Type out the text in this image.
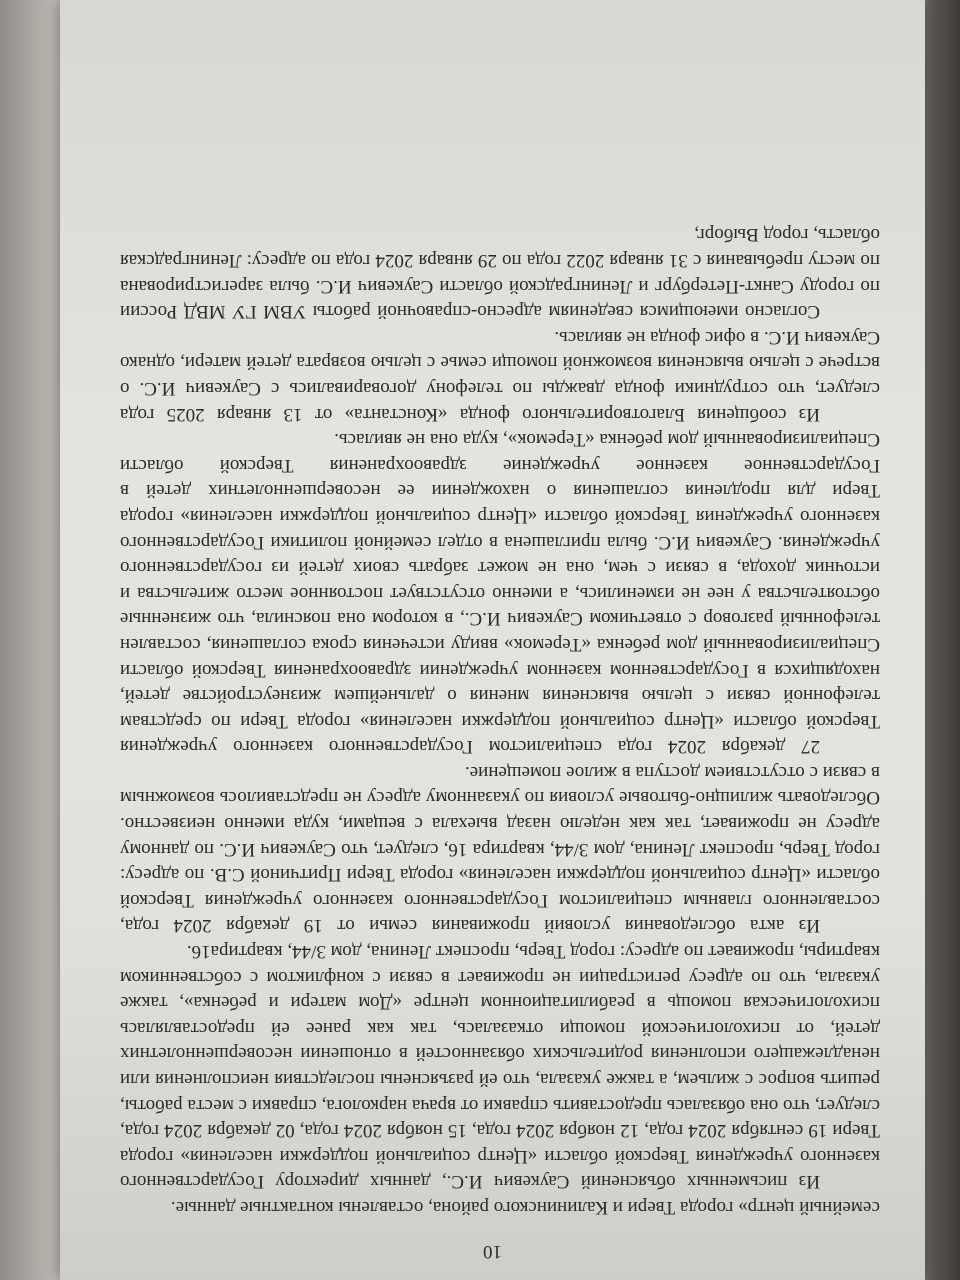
10

семейный центр» города Твери и Калининского района, оставлены контактные данные.

Из письменных объяснений Саукевич И.С., данных директору Государственного казенного учреждения Тверской области «Центр социальной поддержки населения» города Твери 19 сентября 2024 года, 12 ноября 2024 года, 15 ноября 2024 года, 02 декабря 2024 года, следует, что она обязалась предоставить справки от врача нарколога, справки с места работы, решить вопрос с жильем, а также указала, что ей разъяснены последствия неисполнения или ненадлежащего исполнения родительских обязанностей в отношении несовершеннолетних детей, от психологической помощи отказалась, так как ранее ей предоставлялась психологическая помощь в реабилитационном центре «Дом матери и ребенка», также указала, что по адресу регистрации не проживает в связи с конфликтом с собственником квартиры, проживает по адресу: город Тверь, проспект Ленина, дом 3/44, квартира16.

Из акта обследования условий проживания семьи от 19 декабря 2024 года, составленного главным специалистом Государственного казенного учреждения Тверской области «Центр социальной поддержки населения» города Твери Притчиной С.В. по адресу: город Тверь, проспект Ленина, дом 3/44, квартира 16, следует, что Саукевич И.С. по данному адресу не проживает, так как неделю назад выехала с вещами, куда именно неизвестно. Обследовать жилищно-бытовые условия по указанному адресу не представилось возможным в связи с отсутствием доступа в жилое помещение.

27 декабря 2024 года специалистом Государственного казенного учреждения Тверской области «Центр социальной поддержки населения» города Твери по средствам телефонной связи с целью выяснения мнения о дальнейшем жизнеустройстве детей, находящихся в Государственном казенном учреждении здравоохранения Тверской области Специализированный дом ребенка «Теремок» ввиду истечения срока соглашения, составлен телефонный разговор с ответчиком Саукевич И.С., в котором она пояснила, что жизненные обстоятельства у нее не изменились, а именно отсутствует постоянное место жительства и источник дохода, в связи с чем, она не может забрать своих детей из государственного учреждения. Саукевич И.С. была приглашена в отдел семейной политики Государственного казенного учреждения Тверской области «Центр социальной поддержки населения» города Твери для продления соглашения о нахождении ее несовершеннолетних детей в Государственное казенное учреждение здравоохранения Тверской области Специализированный дом ребенка «Теремок», куда она не явилась.

Из сообщения Благотворительного фонда «Константа» от 13 января 2025 года следует, что сотрудники фонда дважды по телефону договаривались с Саукевич И.С. о встрече с целью выяснения возможной помощи семье с целью возврата детей матери, однако Саукевич И.С. в офис фонда не явилась.

Согласно имеющимся сведениям адресно-справочной работы УВМ ГУ МВД России по городу Санкт-Петербург и Ленинградской области Саукевич И.С. была зарегистрирована по месту пребывания с 31 января 2022 года по 29 января 2024 года по адресу: Ленинградская область, город Выборг,
